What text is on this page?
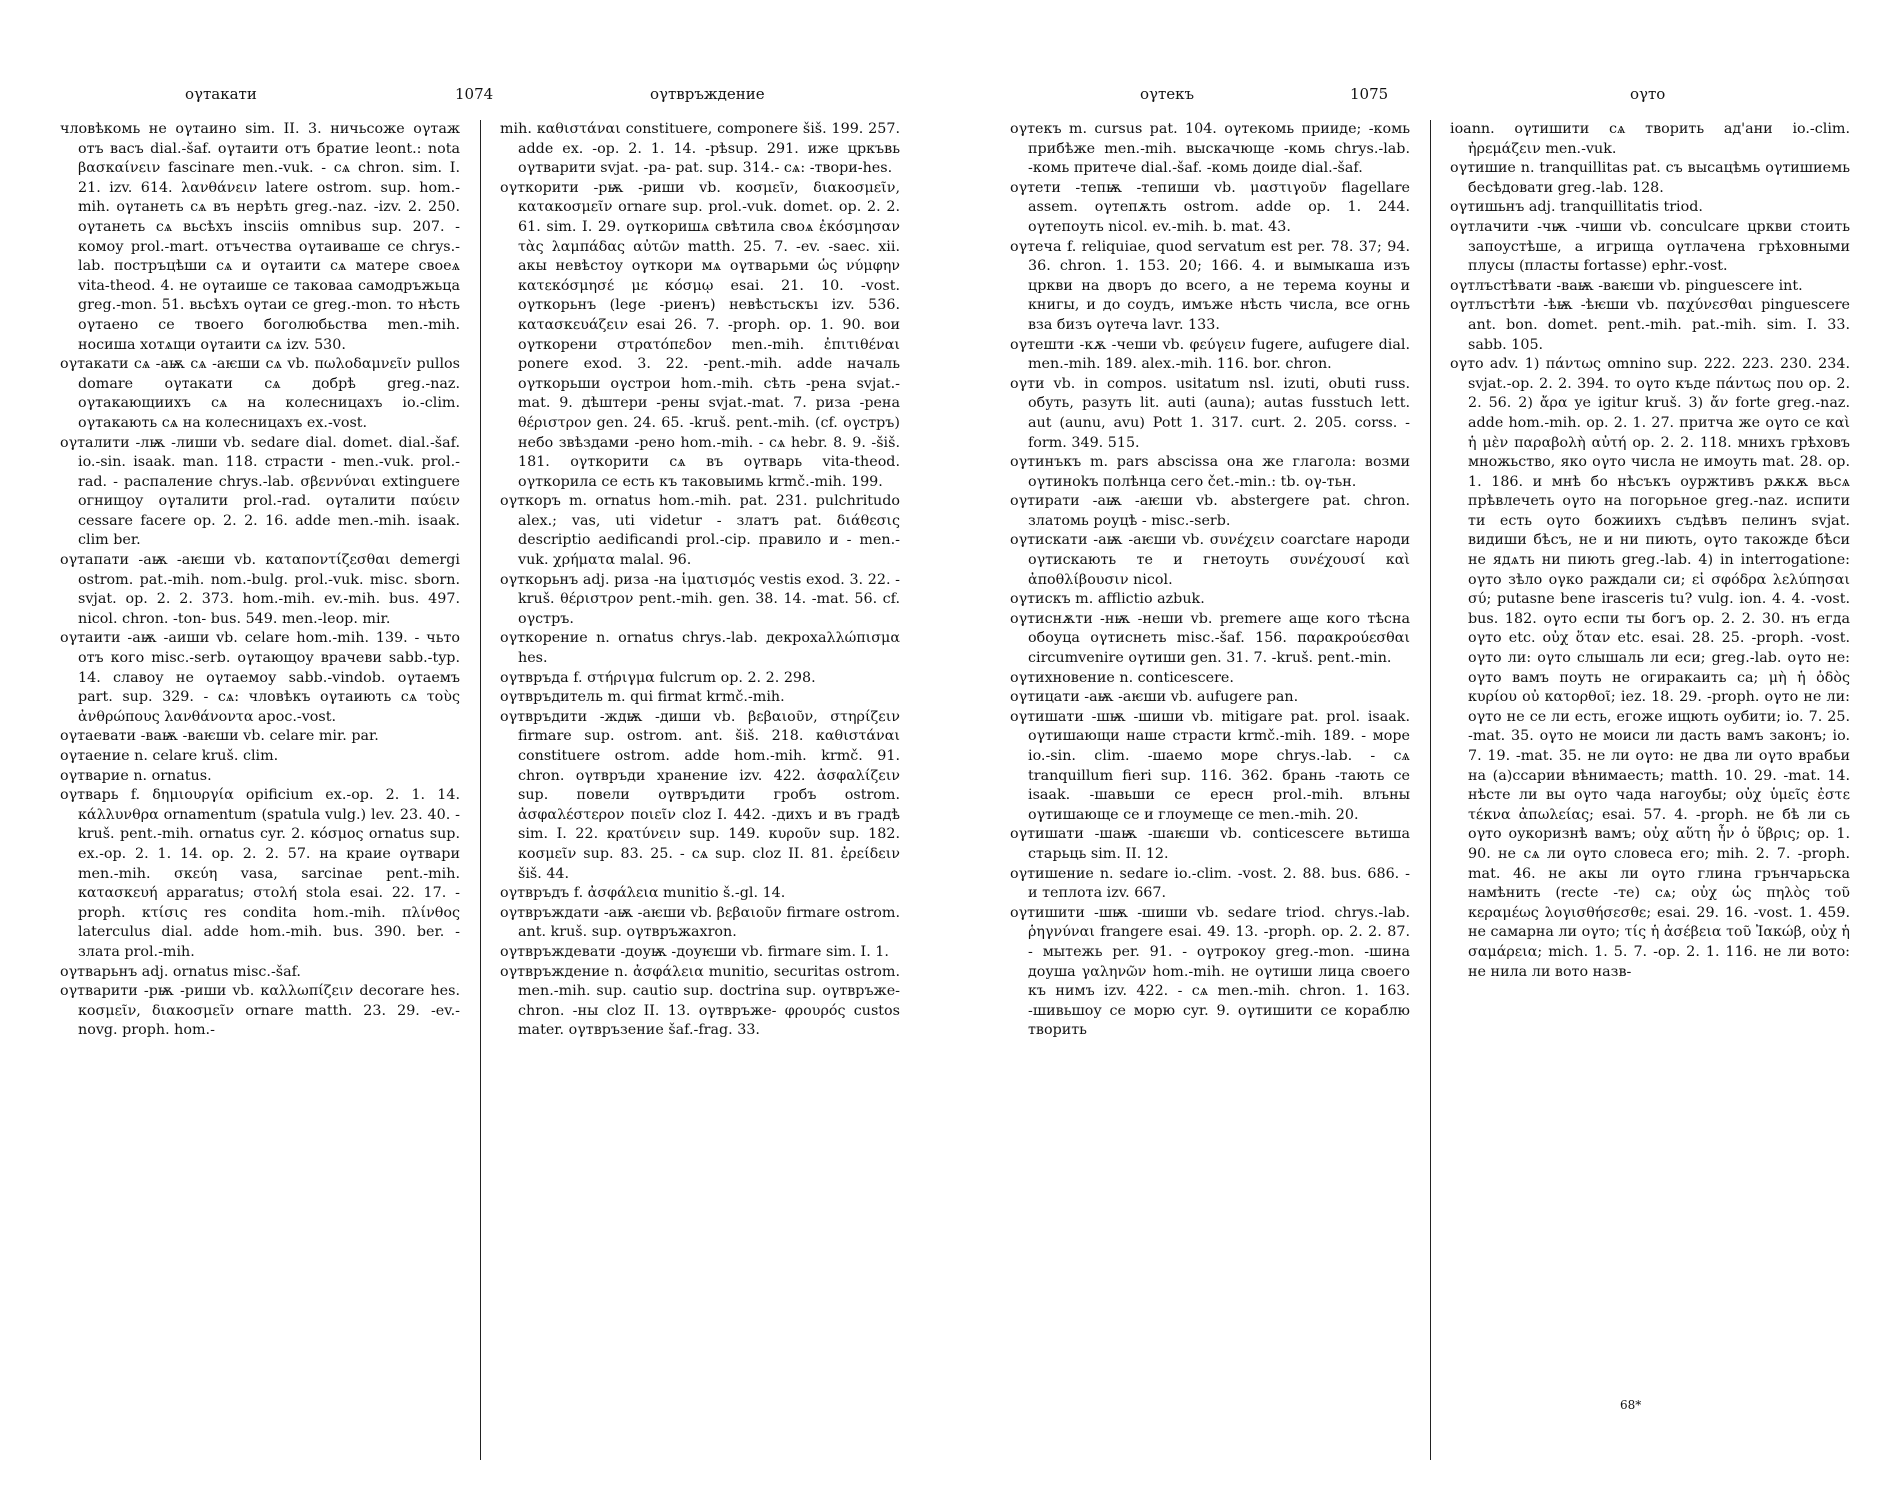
ογтакати	1074	ογтвръждение

чловѣкомь не ογтаино sim. II. 3. ничьсоже ογтаж отъ васъ dial.-šaf. ογтаити отъ братие leont.: nota βασκαίνειν fascinare men.-vuk. - сѧ chron. sim. I. 21. izv. 614. λανθάνειν latere ostrom. sup. hom.-mih. ογтанеть сѧ въ нерѣть greg.-naz. -izv. 2. 250. ογтанеть сѧ вьсѣхъ insciis omnibus sup. 207. - комоу prol.-mart. отъчества ογтаиваше се chrys.-lab. постръцѣши сѧ и ογтаити сѧ матере своеѧ vita-theod. 4. не ογтаише се таковаа самодръжьца greg.-mon. 51. вьсѣхъ ογтаи се greg.-mon. то нѣсть ογтаено се твоего боголюбьства men.-mih. носиша хотѧщи ογтаити сѧ izv. 530.

ογтакати сѧ -аѭ сѧ -аѥши сѧ vb. πωλοδαμνεῖν pullos domare ογтакати сѧ добрѣ greg.-naz. ογтакающиихъ сѧ на колесницахъ io.-clim. ογтакають сѧ на колесницахъ ex.-vost.

ογталити -лѭ -лиши vb. sedare dial. domet. dial.-šaf. io.-sin. isaak. man. 118. страсти - men.-vuk. prol.-rad. - распаление chrys.-lab. σβεννύναι extinguere огнищоу ογталити prol.-rad. ογталити παύειν cessare facere op. 2. 2. 16. adde men.-mih. isaak. clim ber.

ογтапати -аѭ -аѥши vb. καταποντίζεσθαι demergi ostrom. pat.-mih. nom.-bulg. prol.-vuk. misc. sborn. svjat. op. 2. 2. 373. hom.-mih. ev.-mih. bus. 497. nicol. chron. -ton- bus. 549. men.-leop. mir.

ογтаити -аѭ -аиши vb. celare hom.-mih. 139. - чьто отъ кого misc.-serb. ογтающоу врачеви sabb.-typ. 14. славоу не ογтаемоу sabb.-vindob. ογтаемъ part. sup. 329. - сѧ: чловѣкъ ογтаиють сѧ τοὺς ἀνθρώπους λανθάνοντα apoc.-vost.

ογтаевати -ваѭ -ваѥши vb. celare mir. par.

ογтаение n. celare kruš. clim.

ογтварие n. ornatus.

ογтварь f. δημιουργία opificium ex.-op. 2. 1. 14. κάλλυνθρα ornamentum (spatula vulg.) lev. 23. 40. -kruš. pent.-mih. ornatus cyr. 2. κόσμος ornatus sup. ex.-op. 2. 1. 14. op. 2. 2. 57. на краие ογтвари men.-mih. σκεύη vasa, sarcinae pent.-mih. κατασκευή apparatus; στολή stola esai. 22. 17. -proph. κτίσις res condita hom.-mih. πλίνθος laterculus dial. adde hom.-mih. bus. 390. ber. - злата prol.-mih.

ογтварьнъ adj. ornatus misc.-šaf.

ογтварити -рѭ -риши vb. καλλωπίζειν decorare hes. κοσμεῖν, διακοσμεῖν ornare matth. 23. 29. -ev.-novg. proph. hom.-

mih. καθιστάναι constituere, componere šiš. 199. 257. adde ex. -op. 2. 1. 14. -рѣsup. 291. иже цркъвь ογтварити svjat. -ра- pat. sup. 314.- сѧ: -твори-hes.

ογткорити -рѭ -риши vb. κοσμεῖν, διακοσμεῖν, κατακοσμεῖν ornare sup. prol.-vuk. domet. op. 2. 2. 61. sim. I. 29. ογткоришѧ свѣтила своѧ ἐκόσμησαν τὰς λαμπάδας αὐτῶν matth. 25. 7. -ev. -saec. xii. акы невѣстоу ογткори мѧ ογтварьми ὡς νύμφην κατεκόσμησέ με κόσμῳ esai. 21. 10. -vost. ογткорьнъ (lege -риенъ) невѣстьскъı izv. 536. κατασκευάζειν esai 26. 7. -proph. op. 1. 90. вои ογткорени στρατόπεδον men.-mih. ἐπιτιθέναι ponere exod. 3. 22. -pent.-mih. adde началь ογткорьши ογстрои hom.-mih. сѣть -рена svjat.-mat. 9. дѣштери -рены svjat.-mat. 7. риза -рена θέριστρον gen. 24. 65. -kruš. pent.-mih. (cf. ογстръ) небо звѣздами -рено hom.-mih. - сѧ hebr. 8. 9. -šiš. 181. ογткорити сѧ въ ογтварь vita-theod. ογткорила се есть къ таковыимь krmč.-mih. 199.

ογткоръ m. ornatus hom.-mih. pat. 231. pulchritudo alex.; vas, uti videtur - златъ pat. διάθεσις descriptio aedificandi prol.-cip. правило и - men.-vuk. χρήματα malal. 96.

ογткорьнъ adj. риза -на ἱματισμός vestis exod. 3. 22. -kruš. θέριστρον pent.-mih. gen. 38. 14. -mat. 56. cf. ογстръ.

ογткорение n. ornatus chrys.-lab. декрохаλλώπισμα hes.

ογтвръда f. στήριγμα fulcrum op. 2. 2. 298.

ογтвръдитель m. qui firmat krmč.-mih.

ογтвръдити -ждѭ -диши vb. βεβαιοῦν, στηρίζειν firmare sup. ostrom. ant. šiš. 218. καθιστάναι constituere ostrom. adde hom.-mih. krmč. 91. chron. ογтвръди хранение izv. 422. ἀσφαλίζειν sup. повели ογтвръдити гробъ ostrom. ἀσφαλέστερον ποιεῖν cloz I. 442. -дихъ и въ градѣ sim. I. 22. κρατύνειν sup. 149. κυροῦν sup. 182. κοσμεῖν sup. 83. 25. - сѧ sup. cloz II. 81. ἐρείδειν šiš. 44.

ογтвръдъ f. ἀσφάλεια munitio š.-gl. 14.

ογтвръждати -аѭ -аѥши vb. βεβαιοῦν firmare ostrom. ant. kruš. sup. ογтвръжахron.

ογтвръждевати -доуѭ -доуѥши vb. firmare sim. I. 1.

ογтвръждение n. ἀσφάλεια munitio, securitas ostrom. men.-mih. sup. cautio sup. doctrina sup. ογтвръже- chron. -ны cloz II. 13. ογтвръже- φρουρός custos mater. ογтвръзение šaf.-frag. 33.

ογтекъ	1075	ογто

ογтекъ m. cursus pat. 104. ογтекомь прииде; -комь прибѣже men.-mih. выскачюще -комь chrys.-lab. -комь притече dial.-šaf. -комь доиде dial.-šaf.

ογтети -тепѭ -тепиши vb. μαστιγοῦν flagellare assem. ογтепѫть ostrom. adde op. 1. 244. ογтепоуть nicol. ev.-mih. b. mat. 43.

ογтеча f. reliquiae, quod servatum est per. 78. 37; 94. 36. chron. 1. 153. 20; 166. 4. и вымыкаша изъ цркви на дворъ до всего, а не терема коуны и книгы, и до соудъ, имъже нѣсть числа, все огнь вза бизъ ογтеча lavr. 133.

ογтешти -кѫ -чеши vb. φεύγειν fugere, aufugere dial. men.-mih. 189. alex.-mih. 116. bor. chron.

ογти vb. in compos. usitatum nsl. izuti, obuti russ. обуть, разуть lit. auti (auna); autas fusstuch lett. aut (aunu, avu) Pott 1. 317. curt. 2. 205. corss. -form. 349. 515.

ογтинъкъ m. pars abscissa она же глагола: возми ογтиноkъ полѣнца сего čet.-min.: tb. ογ-тьн.

ογтирати -аѭ -аѥши vb. abstergere pat. chron. златомь роуцѣ - misc.-serb.

ογтискати -аѭ -аѥши vb. συνέχειν coarctare народи ογтискають те и гнетоуть συνέχουσί καὶ ἀποθλίβουσιν nicol.

ογтискъ m. afflictio azbuk.

ογтиснѫти -нѭ -неши vb. premere аще кого тѣсна обоуца ογтиснеть misc.-šaf. 156. παρακρούεσθαι circumvenire ογтиши gen. 31. 7. -kruš. pent.-min.

ογтихновение n. conticescere.

ογтицати -аѭ -аѥши vb. aufugere pan.

ογтишати -шѭ -шиши vb. mitigare pat. prol. isaak. ογтишающи наше страсти krmč.-mih. 189. - море io.-sin. clim. -шаемо море chrys.-lab. - сѧ tranquillum fieri sup. 116. 362. брань -тають се isaak. -шавьши се ересн prol.-mih. влъны ογтишающе се и глоумеще се men.-mih. 20.

ογтишати -шаѭ -шаѥши vb. conticescere вьтиша старьць sim. II. 12.

ογтишение n. sedare io.-clim. -vost. 2. 88. bus. 686. - и теплота izv. 667.

ογтишити -шѭ -шиши vb. sedare triod. chrys.-lab. ῥηγνύναι frangere esai. 49. 13. -proph. op. 2. 2. 87. - мытежь per. 91. - ογтрокоу greg.-mon. -шина доуша γαληνῶν hom.-mih. не ογтиши лица своего къ нимъ izv. 422. - сѧ men.-mih. chron. 1. 163. -шивьшоу се морю cyr. 9. ογтишити се кораблю творить

ioann. ογтишити сѧ творить ад'ани io.-clim. ἠρεμάζειν men.-vuk.

ογтишие n. tranquillitas pat. съ высацѣмь ογтишиемь бесѣдовати greg.-lab. 128.

ογтишьнъ adj. tranquillitatis triod.

ογтлачити -чѭ -чиши vb. conculcare цркви стоить запоустѣше, а игрища ογтлачена грѣховными плусы (пласты fortasse) ephr.-vost.

ογтлъстѣвати -ваѭ -ваѥши vb. pinguescere int.

ογтлъстѣти -ѣѭ -ѣѥши vb. παχύνεσθαι pinguescere ant. bon. domet. pent.-mih. pat.-mih. sim. I. 33. sabb. 105.

ογто adv. 1) πάντως omnino sup. 222. 223. 230. 234. svjat.-op. 2. 2. 394. то ογто къде πάντως που op. 2. 2. 56. 2) ἄρα ye igitur kruš. 3) ἄν forte greg.-naz. adde hom.-mih. op. 2. 1. 27. притча же ογто се καὶ ἡ μὲν παραβολὴ αὐτή op. 2. 2. 118. мнихъ грѣховъ множьство, яко ογто числа не имоуть mat. 28. op. 1. 186. и мнѣ бо нѣсъкъ оуржтивъ рѫкѫ вьсѧ прѣвлечеть ογто на погорьное greg.-naz. испити ти есть ογто божиихъ съдѣвъ пелинъ svjat. видиши бѣсъ, не и ни пиють, ογто такожде бѣси не ядѧть ни пиють greg.-lab. 4) in interrogatione: ογто зѣло ογко раждали си; εἰ σφόδρα λελύπησαι σύ; putasne bene irasceris tu? vulg. ion. 4. 4. -vost. bus. 182. ογто еспи ты богъ op. 2. 2. 30. нъ егда ογто etc. οὐχ ὅταν etc. esai. 28. 25. -proph. -vost. ογто ли: ογто слышаль ли еси; greg.-lab. ογто не: ογто вамъ поуть не огиракаить са; μὴ ἡ ὁδὸς κυρίου οὐ κατορθοῖ; iez. 18. 29. -proph. ογто не ли: ογто не се ли есть, егоже ищють оубити; io. 7. 25. -mat. 35. ογто не моиси ли дасть вамъ законъ; io. 7. 19. -mat. 35. не ли ογто: не два ли ογто врабьи на (а)ссарии вѣнимаесть; matth. 10. 29. -mat. 14. нѣсте ли вы ογто чада нагоубы; οὐχ ὑμεῖς ἐστε τέκνα ἀπωλείας; esai. 57. 4. -proph. не бѣ ли сь ογто оукоризнѣ вамъ; οὐχ αὕτη ἦν ὁ ὕβρις; op. 1. 90. не сѧ ли ογто словеса его; mih. 2. 7. -proph. mat. 46. не акы ли ογто глина грънчарьска намѣнить (recte -те) сѧ; οὐχ ὡς πηλὸς τοῦ κεραμέως λογισθήσεσθε; esai. 29. 16. -vost. 1. 459. не самарна ли ογто; τίς ἡ ἀσέβεια τοῦ Ἰακώβ, οὐχ ἡ σαμάρεια; mich. 1. 5. 7. -op. 2. 1. 116. не ли вото: не нила ли вото назв-

68*
